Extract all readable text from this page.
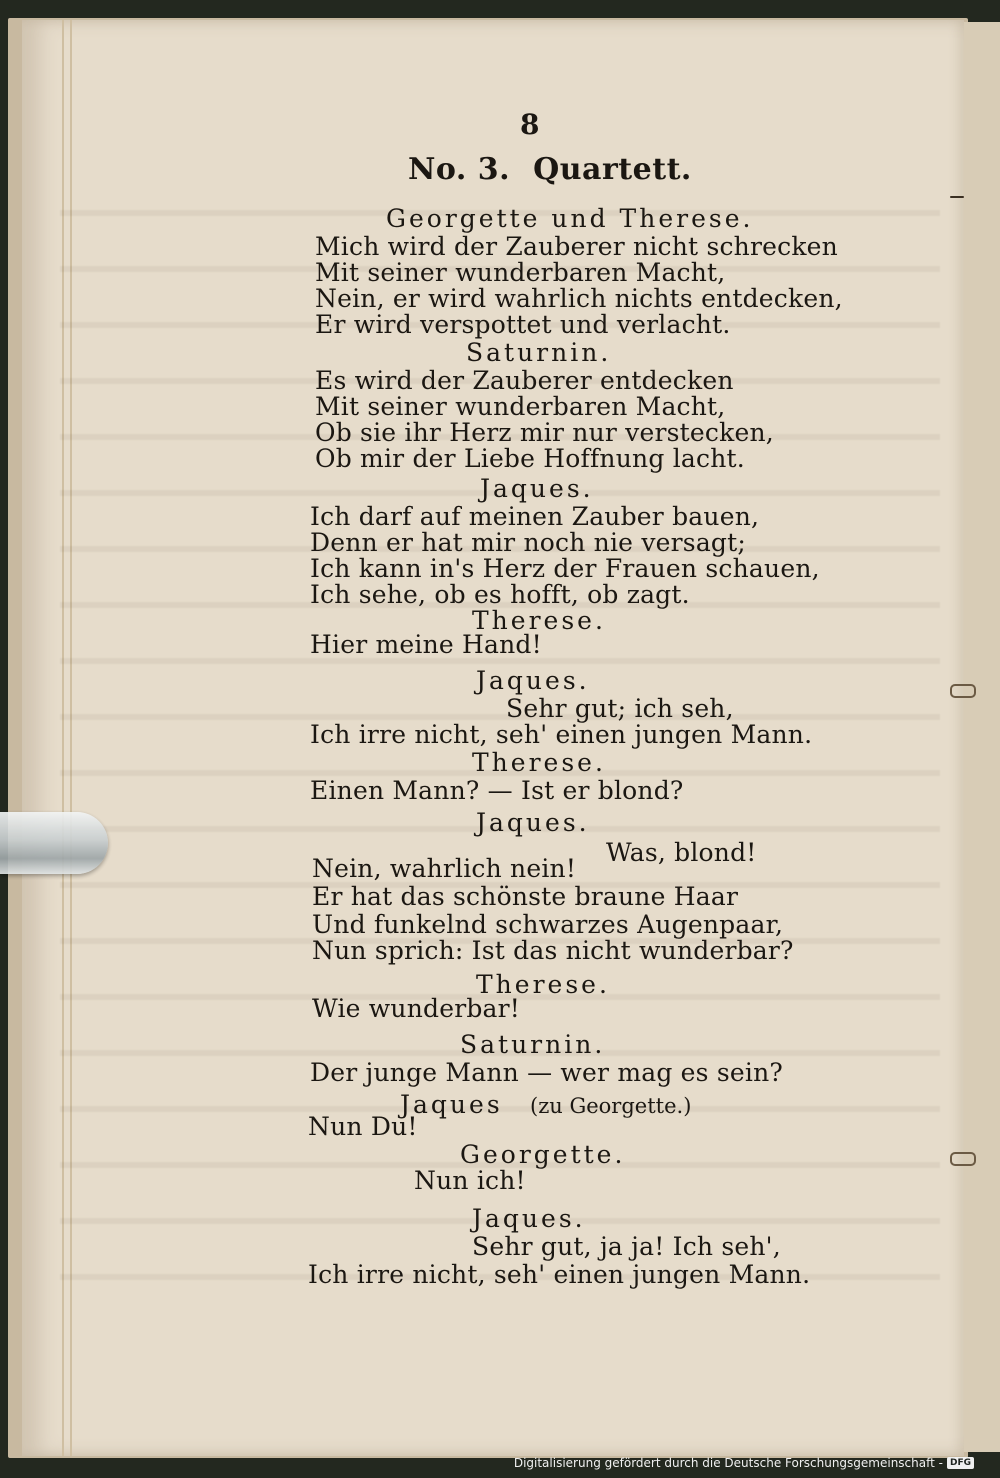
8
No. 3. Quartett.
Georgette und Therese.
Mich wird der Zauberer nicht schrecken
Mit seiner wunderbaren Macht,
Nein, er wird wahrlich nichts entdecken,
Er wird verspottet und verlacht.
Saturnin.
Es wird der Zauberer entdecken
Mit seiner wunderbaren Macht,
Ob sie ihr Herz mir nur verstecken,
Ob mir der Liebe Hoffnung lacht.
Jaques.
Ich darf auf meinen Zauber bauen,
Denn er hat mir noch nie versagt;
Ich kann in's Herz der Frauen schauen,
Ich sehe, ob es hofft, ob zagt.
Therese.
Hier meine Hand!
Jaques.
Sehr gut; ich seh,
Ich irre nicht, seh' einen jungen Mann.
Therese.
Einen Mann? — Ist er blond?
Jaques.
Was, blond!
Nein, wahrlich nein!
Er hat das schönste braune Haar
Und funkelnd schwarzes Augenpaar,
Nun sprich: Ist das nicht wunderbar?
Therese.
Wie wunderbar!
Saturnin.
Der junge Mann — wer mag es sein?
Jaques (zu Georgette.)
Nun Du!
Georgette.
Nun ich!
Jaques.
Sehr gut, ja ja! Ich seh',
Ich irre nicht, seh' einen jungen Mann.
Digitalisierung gefördert durch die Deutsche Forschungsgemeinschaft - DFG
